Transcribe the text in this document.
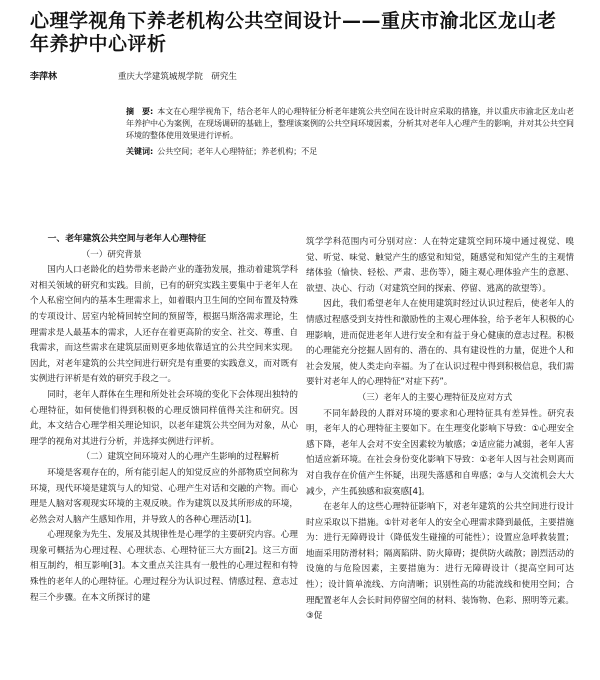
心理学视角下养老机构公共空间设计——重庆市渝北区龙山老年养护中心评析
李萍林	重庆大学建筑城规学院　研究生
摘　要: 本文在心理学视角下，结合老年人的心理特征分析老年建筑公共空间在设计时应采取的措施，并以重庆市渝北区龙山老年养护中心为案例，在现场调研的基础上，整理该案例的公共空间环境因素，分析其对老年人心理产生的影响，并对其公共空间环境的整体使用效果进行评析。
关键词: 公共空间；老年人心理特征；养老机构；不足

一、老年建筑公共空间与老年人心理特征

（一）研究背景

国内人口老龄化的趋势带来老龄产业的蓬勃发展，推动着建筑学科对相关领域的研究和实践。目前，已有的研究实践主要集中于老年人在个人私密空间内的基本生理需求上，如着眼内卫生间的空间布置及特殊的专项设计、居室内轮椅回转空间的预留等，根据马斯洛需求理论，生理需求是人最基本的需求，人还存在着更高阶的安全、社交、尊重、自我需求，而这些需求在建筑层面则更多地依靠适宜的公共空间来实现。因此，对老年建筑的公共空间进行研究是有重要的实践意义，而对既有实例进行评析是有效的研究手段之一。

同时，老年人群体在生理和所处社会环境的变化下会体现出独特的心理特征，如何使他们得到积极的心理反馈同样值得关注和研究。因此，本文结合心理学相关理论知识，以老年建筑公共空间为对象，从心理学的视角对其进行分析，并选择实例进行评析。

（二）建筑空间环境对人的心理产生影响的过程解析

环境是客观存在的，所有能引起人的知觉反应的外部物质空间称为环境，现代环境是建筑与人的知觉、心理产生对话和交融的产物。而心理是人脑对客观现实环境的主观反映。作为建筑以及其所形成的环境，必然会对人脑产生感知作用，并导致人的各种心理活动[1]。

心理现象为先生、发展及其规律性是心理学的主要研究内容。心理现象可概括为心理过程、心理状态、心理特征三大方面[2]。这三方面相互制约，相互影响[3]。本文重点关注具有一般性的心理过程和有特殊性的老年人的心理特征。心理过程分为认识过程、情感过程、意志过程三个步骤。在本文所探讨的建

筑学学科范围内可分别对应：人在特定建筑空间环境中通过视觉、嗅觉、听觉、味觉、触觉产生的感觉和知觉，随感觉和知觉产生的主观情绪体验（愉快、轻松、严肃、悲伤等），随主观心理体验产生的意愿、欲望、决心、行动（对建筑空间的探索、停留、逃离的欲望等）。

因此，我们希望老年人在使用建筑时经过认识过程后，使老年人的情感过程感受到支持性和激励性的主观心理体验，给予老年人积极的心理影响，进而促进老年人进行安全和有益于身心健康的意志过程。积极的心理能充分挖掘人固有的、潜在的、具有建设性的力量，促进个人和社会发展，使人类走向幸福。为了在认识过程中得到积极信息，我们需要针对老年人的心理特征“对症下药”。

（三）老年人的主要心理特征及应对方式

不同年龄段的人群对环境的要求和心理特征具有差异性。研究表明，老年人的心理特征主要如下。在生理变化影响下导致：①心理安全感下降，老年人会对不安全因素较为敏感；②适应能力减弱，老年人害怕适应新环境。在社会身份变化影响下导致：①老年人因与社会则离而对自我存在价值产生怀疑，出现失落感和自卑感；②与人交流机会大大减少，产生孤独感和寂寞感[4]。

在老年人的这些心理特征影响下，对老年建筑的公共空间进行设计时应采取以下措施。①针对老年人的安全心理需求降到最低，主要措施为：进行无障碍设计（降低发生碰撞的可能性）；设置应急呼救装置；地面采用防滑材料；隔离陷阱、防火障碍；提供防火疏散；剧烈活动的设施的与危险因素，主要措施为：进行无障碍设计（提高空间可达性）；设计简单流线、方向清晰；识别性高的功能流线和使用空间；合理配置老年人会长时间停留空间的材料、装饰物、色彩、照明等元素。③促
